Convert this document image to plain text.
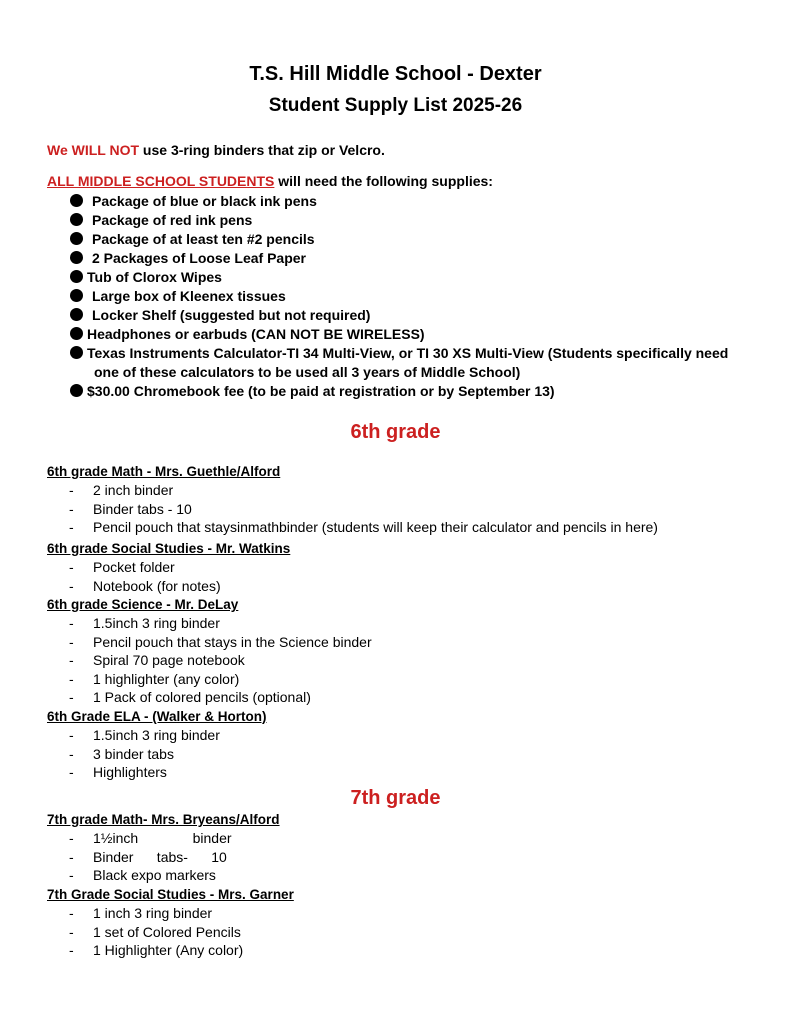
T.S. Hill Middle School - Dexter
Student Supply List 2025-26
We WILL NOT use 3-ring binders that zip or Velcro.
ALL MIDDLE SCHOOL STUDENTS will need the following supplies:
Package of blue or black ink pens
Package of red ink pens
Package of at least ten #2 pencils
2 Packages of Loose Leaf Paper
Tub of Clorox Wipes
Large box of Kleenex tissues
Locker Shelf (suggested but not required)
Headphones or earbuds (CAN NOT BE WIRELESS)
Texas Instruments Calculator-TI 34 Multi-View, or TI 30 XS Multi-View (Students specifically need
one of these calculators to be used all 3 years of Middle School)
$30.00 Chromebook fee (to be paid at registration or by September 13)
6th grade
6th grade Math - Mrs. Guethle/Alford
- 2 inch binder
- Binder tabs - 10
- Pencil pouch that staysinmathbinder (students will keep their calculator and pencils in here)
6th grade Social Studies - Mr. Watkins
- Pocket folder
- Notebook (for notes)
6th grade Science - Mr. DeLay
- 1.5inch 3 ring binder
- Pencil pouch that stays in the Science binder
- Spiral 70 page notebook
- 1 highlighter (any color)
- 1 Pack of colored pencils (optional)
6th Grade ELA - (Walker & Horton)
- 1.5inch 3 ring binder
- 3 binder tabs
- Highlighters
7th grade
7th grade Math- Mrs. Bryeans/Alford
- 1½inch              binder
- Binder      tabs-      10
- Black expo markers
7th Grade Social Studies - Mrs. Garner
- 1 inch 3 ring binder
- 1 set of Colored Pencils
- 1 Highlighter (Any color)
